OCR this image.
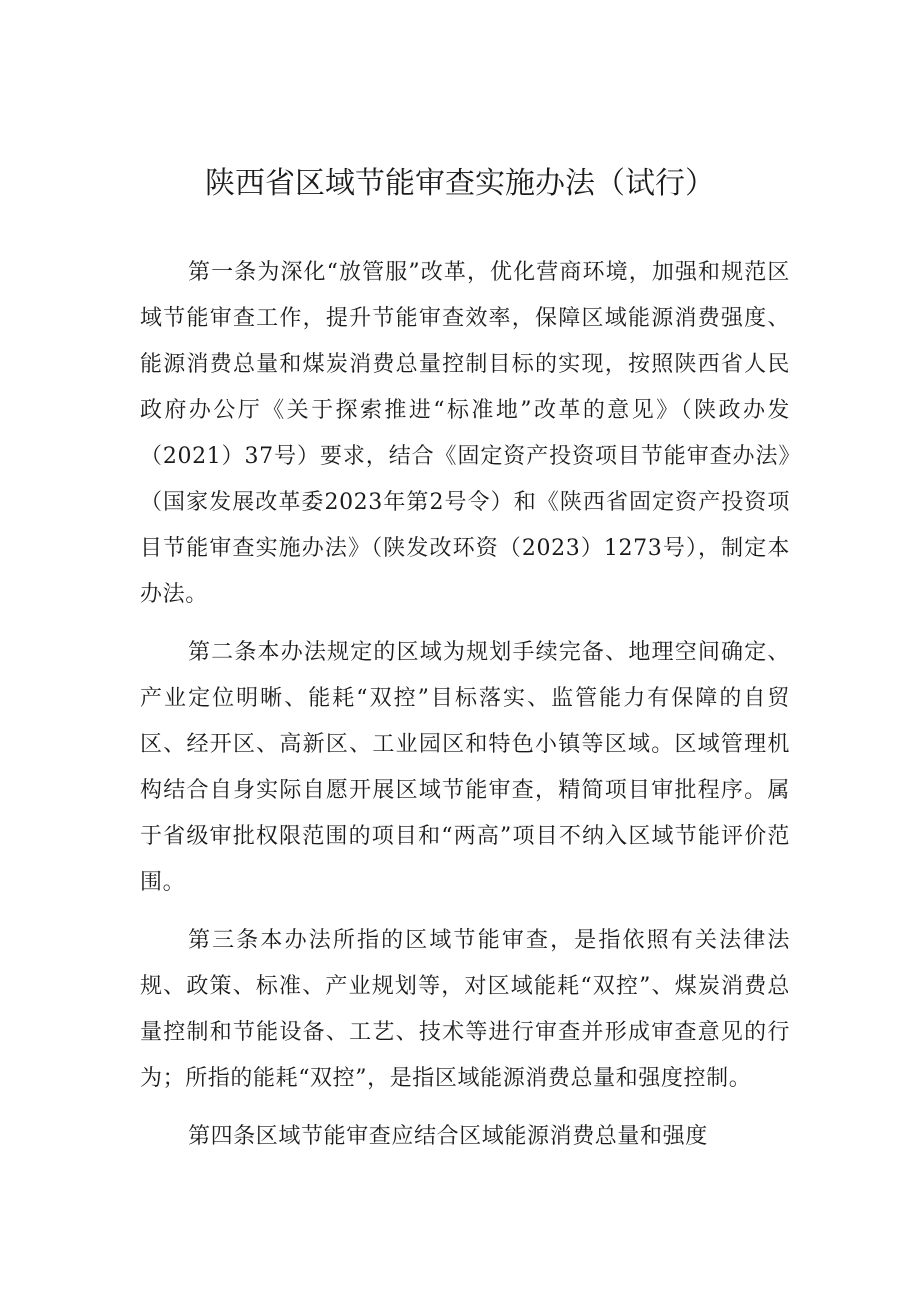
陕西省区域节能审查实施办法（试行）

第一条为深化“放管服”改革，优化营商环境，加强和规范区域节能审查工作，提升节能审查效率，保障区域能源消费强度、能源消费总量和煤炭消费总量控制目标的实现，按照陕西省人民政府办公厅《关于探索推进“标准地”改革的意见》（陕政办发（2021）37号）要求，结合《固定资产投资项目节能审查办法》（国家发展改革委2023年第2号令）和《陕西省固定资产投资项目节能审查实施办法》（陕发改环资（2023）1273号），制定本办法。

第二条本办法规定的区域为规划手续完备、地理空间确定、产业定位明晰、能耗“双控”目标落实、监管能力有保障的自贸区、经开区、高新区、工业园区和特色小镇等区域。区域管理机构结合自身实际自愿开展区域节能审查，精简项目审批程序。属于省级审批权限范围的项目和“两高”项目不纳入区域节能评价范围。

第三条本办法所指的区域节能审查，是指依照有关法律法规、政策、标准、产业规划等，对区域能耗“双控”、煤炭消费总量控制和节能设备、工艺、技术等进行审查并形成审查意见的行为；所指的能耗“双控”，是指区域能源消费总量和强度控制。

第四条区域节能审查应结合区域能源消费总量和强度
